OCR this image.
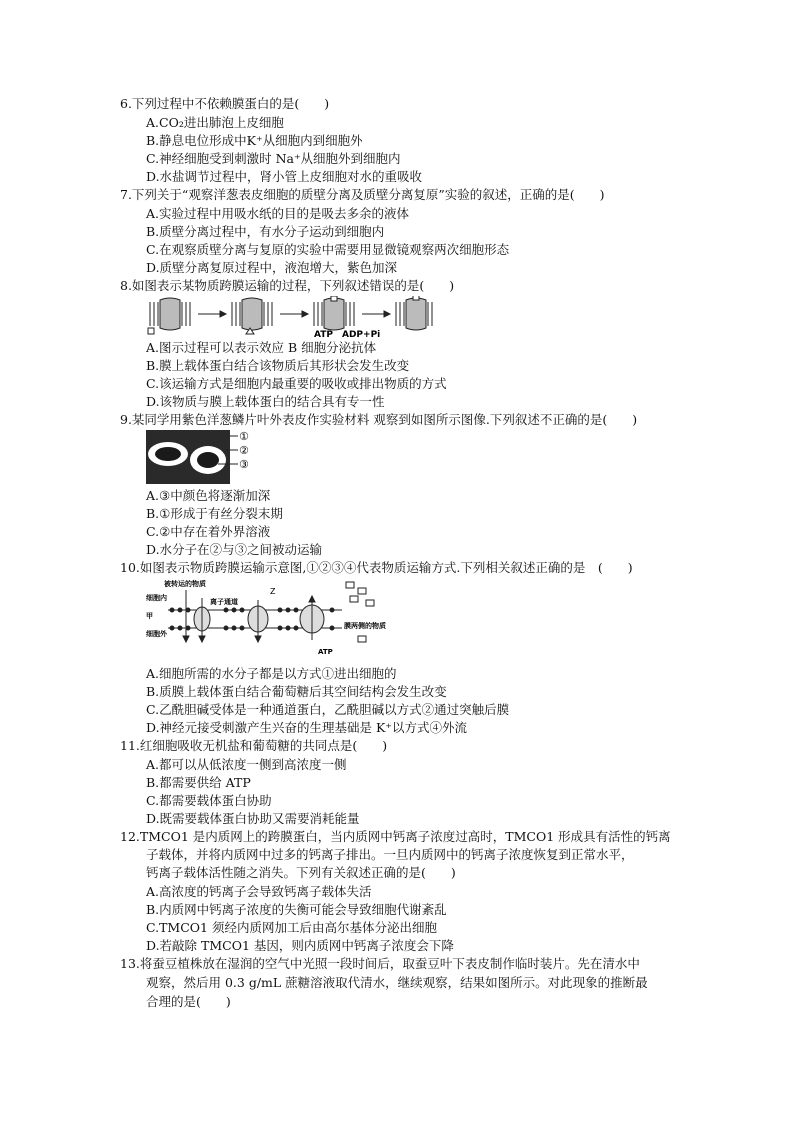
6.下列过程中不依赖膜蛋白的是(　　)
A.CO₂进出肺泡上皮细胞
B.静息电位形成中K⁺从细胞内到细胞外
C.神经细胞受到刺激时 Na⁺从细胞外到细胞内
D.水盐调节过程中，肾小管上皮细胞对水的重吸收
7.下列关于“观察洋葱表皮细胞的质壁分离及质壁分离复原”实验的叙述，正确的是(　　)
A.实验过程中用吸水纸的目的是吸去多余的液体
B.质壁分离过程中，有水分子运动到细胞内
C.在观察质壁分离与复原的实验中需要用显微镜观察两次细胞形态
D.质壁分离复原过程中，液泡增大，紫色加深
8.如图表示某物质跨膜运输的过程，下列叙述错误的是(　　)
ATP ADP+Pi
A.图示过程可以表示效应 B 细胞分泌抗体
B.膜上载体蛋白结合该物质后其形状会发生改变
C.该运输方式是细胞内最重要的吸收或排出物质的方式
D.该物质与膜上载体蛋白的结合具有专一性
9.某同学用紫色洋葱鳞片叶外表皮作实验材料 观察到如图所示图像.下列叙述不正确的是(　　)
①
②
③
A.③中颜色将逐渐加深
B.①形成于有丝分裂末期
C.②中存在着外界溶液
D.水分子在②与③之间被动运输
10.如图表示物质跨膜运输示意图,①②③④代表物质运输方式.下列相关叙述正确的是　(　　)
被转运的物质
细胞内	离子通道
甲
细胞外
Z
ATP
膜两侧的物质
A.细胞所需的水分子都是以方式①进出细胞的
B.质膜上载体蛋白结合葡萄糖后其空间结构会发生改变
C.乙酰胆碱受体是一种通道蛋白，乙酰胆碱以方式②通过突触后膜
D.神经元接受刺激产生兴奋的生理基础是 K⁺以方式④外流
11.红细胞吸收无机盐和葡萄糖的共同点是(　　)
A.都可以从低浓度一侧到高浓度一侧
B.都需要供给 ATP
C.都需要载体蛋白协助
D.既需要载体蛋白协助又需要消耗能量
12.TMCO1 是内质网上的跨膜蛋白，当内质网中钙离子浓度过高时，TMCO1 形成具有活性的钙离
子载体，并将内质网中过多的钙离子排出。一旦内质网中的钙离子浓度恢复到正常水平，
钙离子载体活性随之消失。下列有关叙述正确的是(　　)
A.高浓度的钙离子会导致钙离子载体失活
B.内质网中钙离子浓度的失衡可能会导致细胞代谢紊乱
C.TMCO1 须经内质网加工后由高尔基体分泌出细胞
D.若敲除 TMCO1 基因，则内质网中钙离子浓度会下降
13.将蚕豆植株放在湿润的空气中光照一段时间后，取蚕豆叶下表皮制作临时装片。先在清水中
观察，然后用 0.3 g/mL 蔗糖溶液取代清水，继续观察，结果如图所示。对此现象的推断最
合理的是(　　)
